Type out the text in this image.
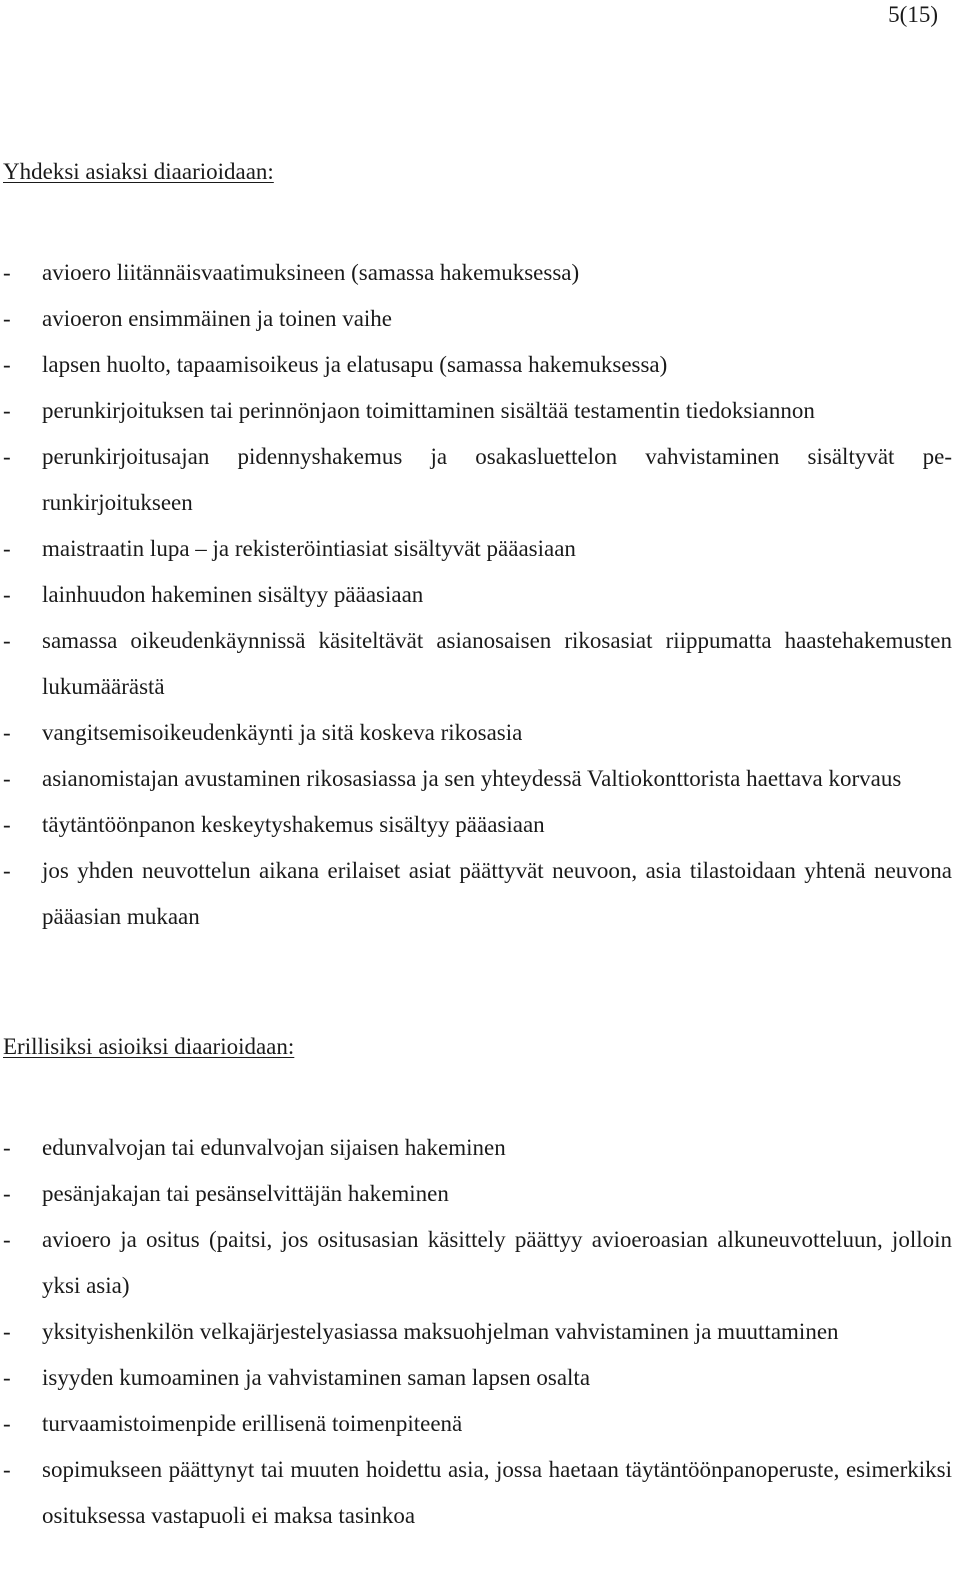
5(15)
Yhdeksi asiaksi diaarioidaan:
- avioero liitännäisvaatimuksineen (samassa hakemuksessa)
- avioeron ensimmäinen ja toinen vaihe
- lapsen huolto, tapaamisoikeus ja elatusapu (samassa hakemuksessa)
- perunkirjoituksen tai perinnönjaon toimittaminen sisältää testamentin tiedoksiannon
- perunkirjoitusajan pidennyshakemus ja osakasluettelon vahvistaminen sisältyvät perunkirjoitukseen
- maistraatin lupa – ja rekisteröintiasiat sisältyvät pääasiaan
- lainhuudon hakeminen sisältyy pääasiaan
- samassa oikeudenkäynnissä käsiteltävät asianosaisen rikosasiat riippumatta haastehakemusten lukumäärästä
- vangitsemisoikeudenkäynti ja sitä koskeva rikosasia
- asianomistajan avustaminen rikosasiassa ja sen yhteydessä Valtiokonttorista haettava korvaus
- täytäntöönpanon keskeytyshakemus sisältyy pääasiaan
- jos yhden neuvottelun aikana erilaiset asiat päättyvät neuvoon, asia tilastoidaan yhtenä neuvona pääasian mukaan
Erillisiksi asioiksi diaarioidaan:
- edunvalvojan tai edunvalvojan sijaisen hakeminen
- pesänjakajan tai pesänselvittäjän hakeminen
- avioero ja ositus (paitsi, jos ositusasian käsittely päättyy avioeroasian alkuneuvotteluun, jolloin yksi asia)
- yksityishenkilön velkajärjestelyasiassa maksuohjelman vahvistaminen ja muuttaminen
- isyyden kumoaminen ja vahvistaminen saman lapsen osalta
- turvaamistoimenpide erillisenä toimenpiteenä
- sopimukseen päättynyt tai muuten hoidettu asia, jossa haetaan täytäntöönpanoperuste, esimerkiksi osituksessa vastapuoli ei maksa tasinkoa
